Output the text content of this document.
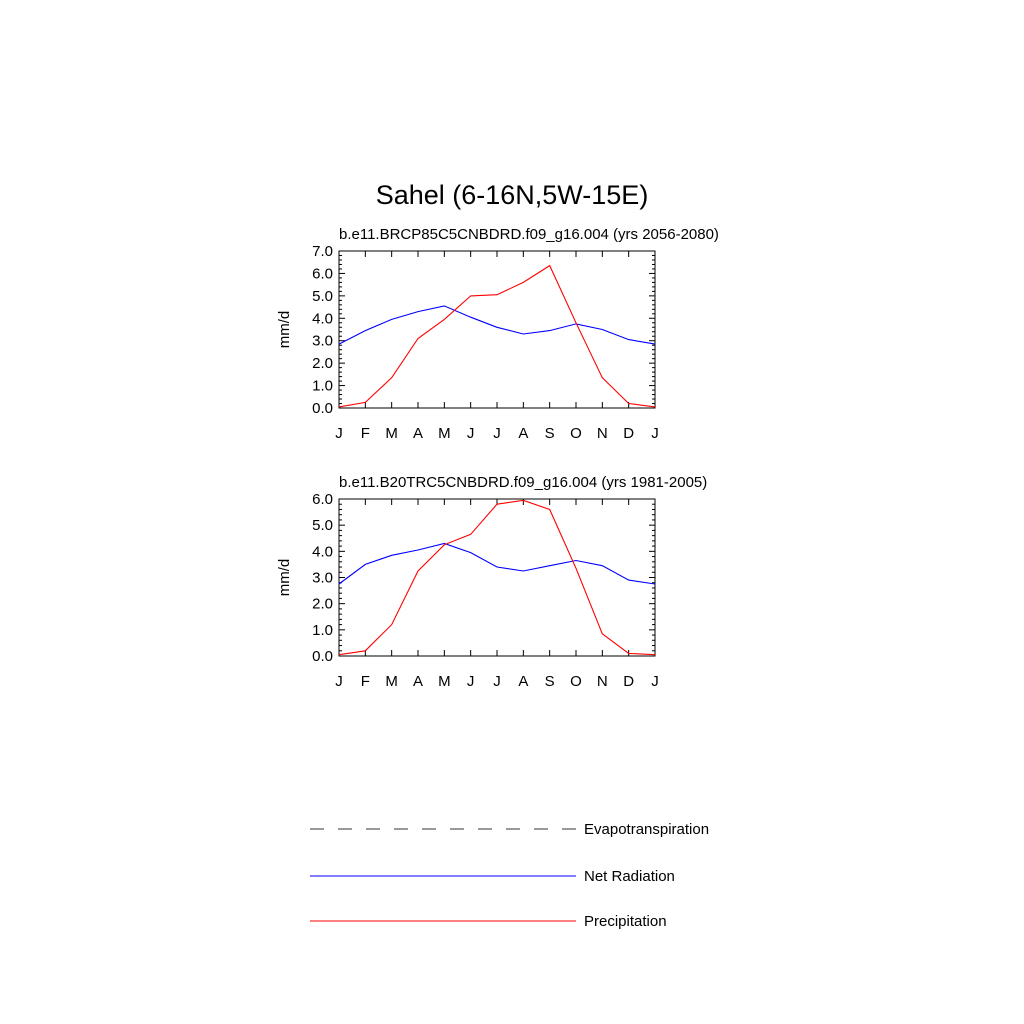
Sahel (6-16N,5W-15E)
b.e11.BRCP85C5CNBDRD.f09_g16.004 (yrs 2056-2080)
J F M A M J J A S O N D J
0.0
1.0
2.0
3.0
4.0
5.0
6.0
7.0
mm/d
b.e11.B20TRC5CNBDRD.f09_g16.004 (yrs 1981-2005)
J F M A M J J A S O N D J
0.0
1.0
2.0
3.0
4.0
5.0
6.0
mm/d
Evapotranspiration
Net Radiation
Precipitation
